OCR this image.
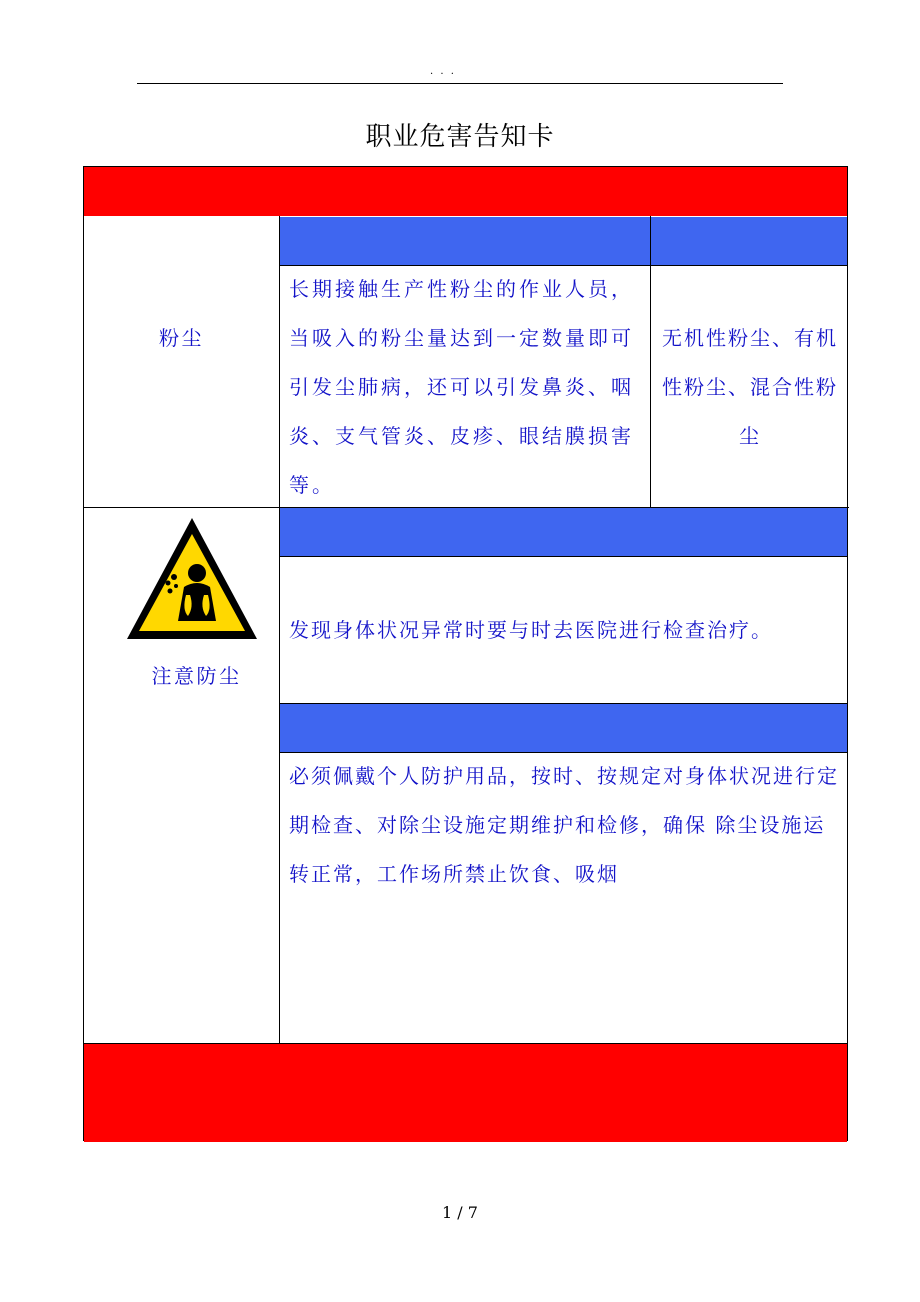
. . .
职业危害告知卡
粉尘
长期接触生产性粉尘的作业人员，当吸入的粉尘量达到一定数量即可引发尘肺病，还可以引发鼻炎、咽炎、支气管炎、皮疹、眼结膜损害等。
无机性粉尘、有机性粉尘、混合性粉尘
注意防尘
发现身体状况异常时要与时去医院进行检查治疗。
必须佩戴个人防护用品，按时、按规定对身体状况进行定期检查、对除尘设施定期维护和检修，确保 除尘设施运转正常，工作场所禁止饮食、吸烟
1 / 7
